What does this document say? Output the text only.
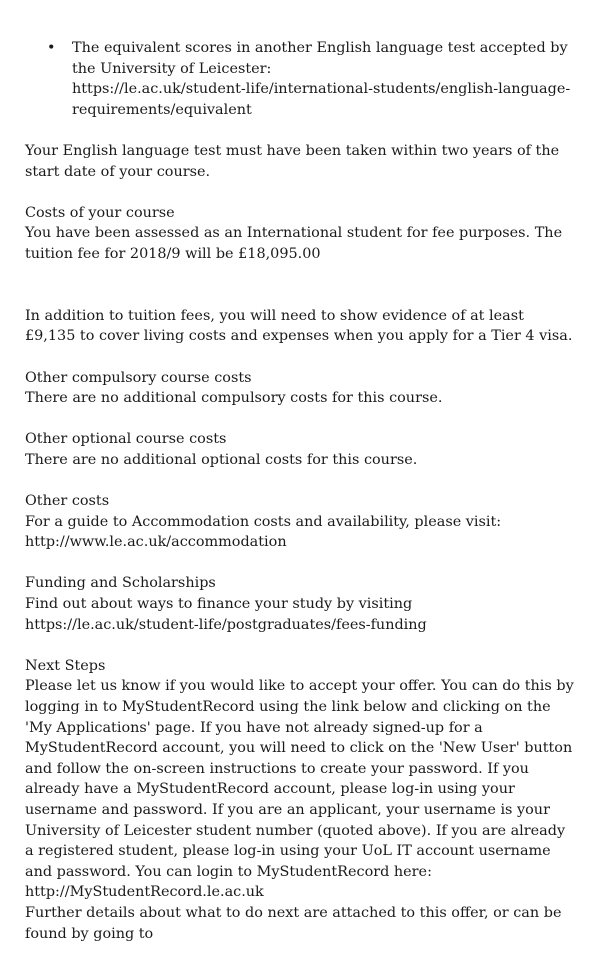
• The equivalent scores in another English language test accepted by the University of Leicester:
https://le.ac.uk/student-life/international-students/english-language-requirements/equivalent

Your English language test must have been taken within two years of the start date of your course.

Costs of your course

You have been assessed as an International student for fee purposes. The tuition fee for 2018/9 will be £18,095.00

In addition to tuition fees, you will need to show evidence of at least £9,135 to cover living costs and expenses when you apply for a Tier 4 visa.

Other compulsory course costs

There are no additional compulsory costs for this course.

Other optional course costs

There are no additional optional costs for this course.

Other costs

For a guide to Accommodation costs and availability, please visit:

http://www.le.ac.uk/accommodation

Funding and Scholarships

Find out about ways to finance your study by visiting

https://le.ac.uk/student-life/postgraduates/fees-funding

Next Steps

Please let us know if you would like to accept your offer. You can do this by logging in to MyStudentRecord using the link below and clicking on the 'My Applications' page. If you have not already signed-up for a MyStudentRecord account, you will need to click on the 'New User' button and follow the on-screen instructions to create your password. If you already have a MyStudentRecord account, please log-in using your username and password. If you are an applicant, your username is your University of Leicester student number (quoted above). If you are already a registered student, please log-in using your UoL IT account username and password. You can login to MyStudentRecord here:

http://MyStudentRecord.le.ac.uk

Further details about what to do next are attached to this offer, or can be found by going to
